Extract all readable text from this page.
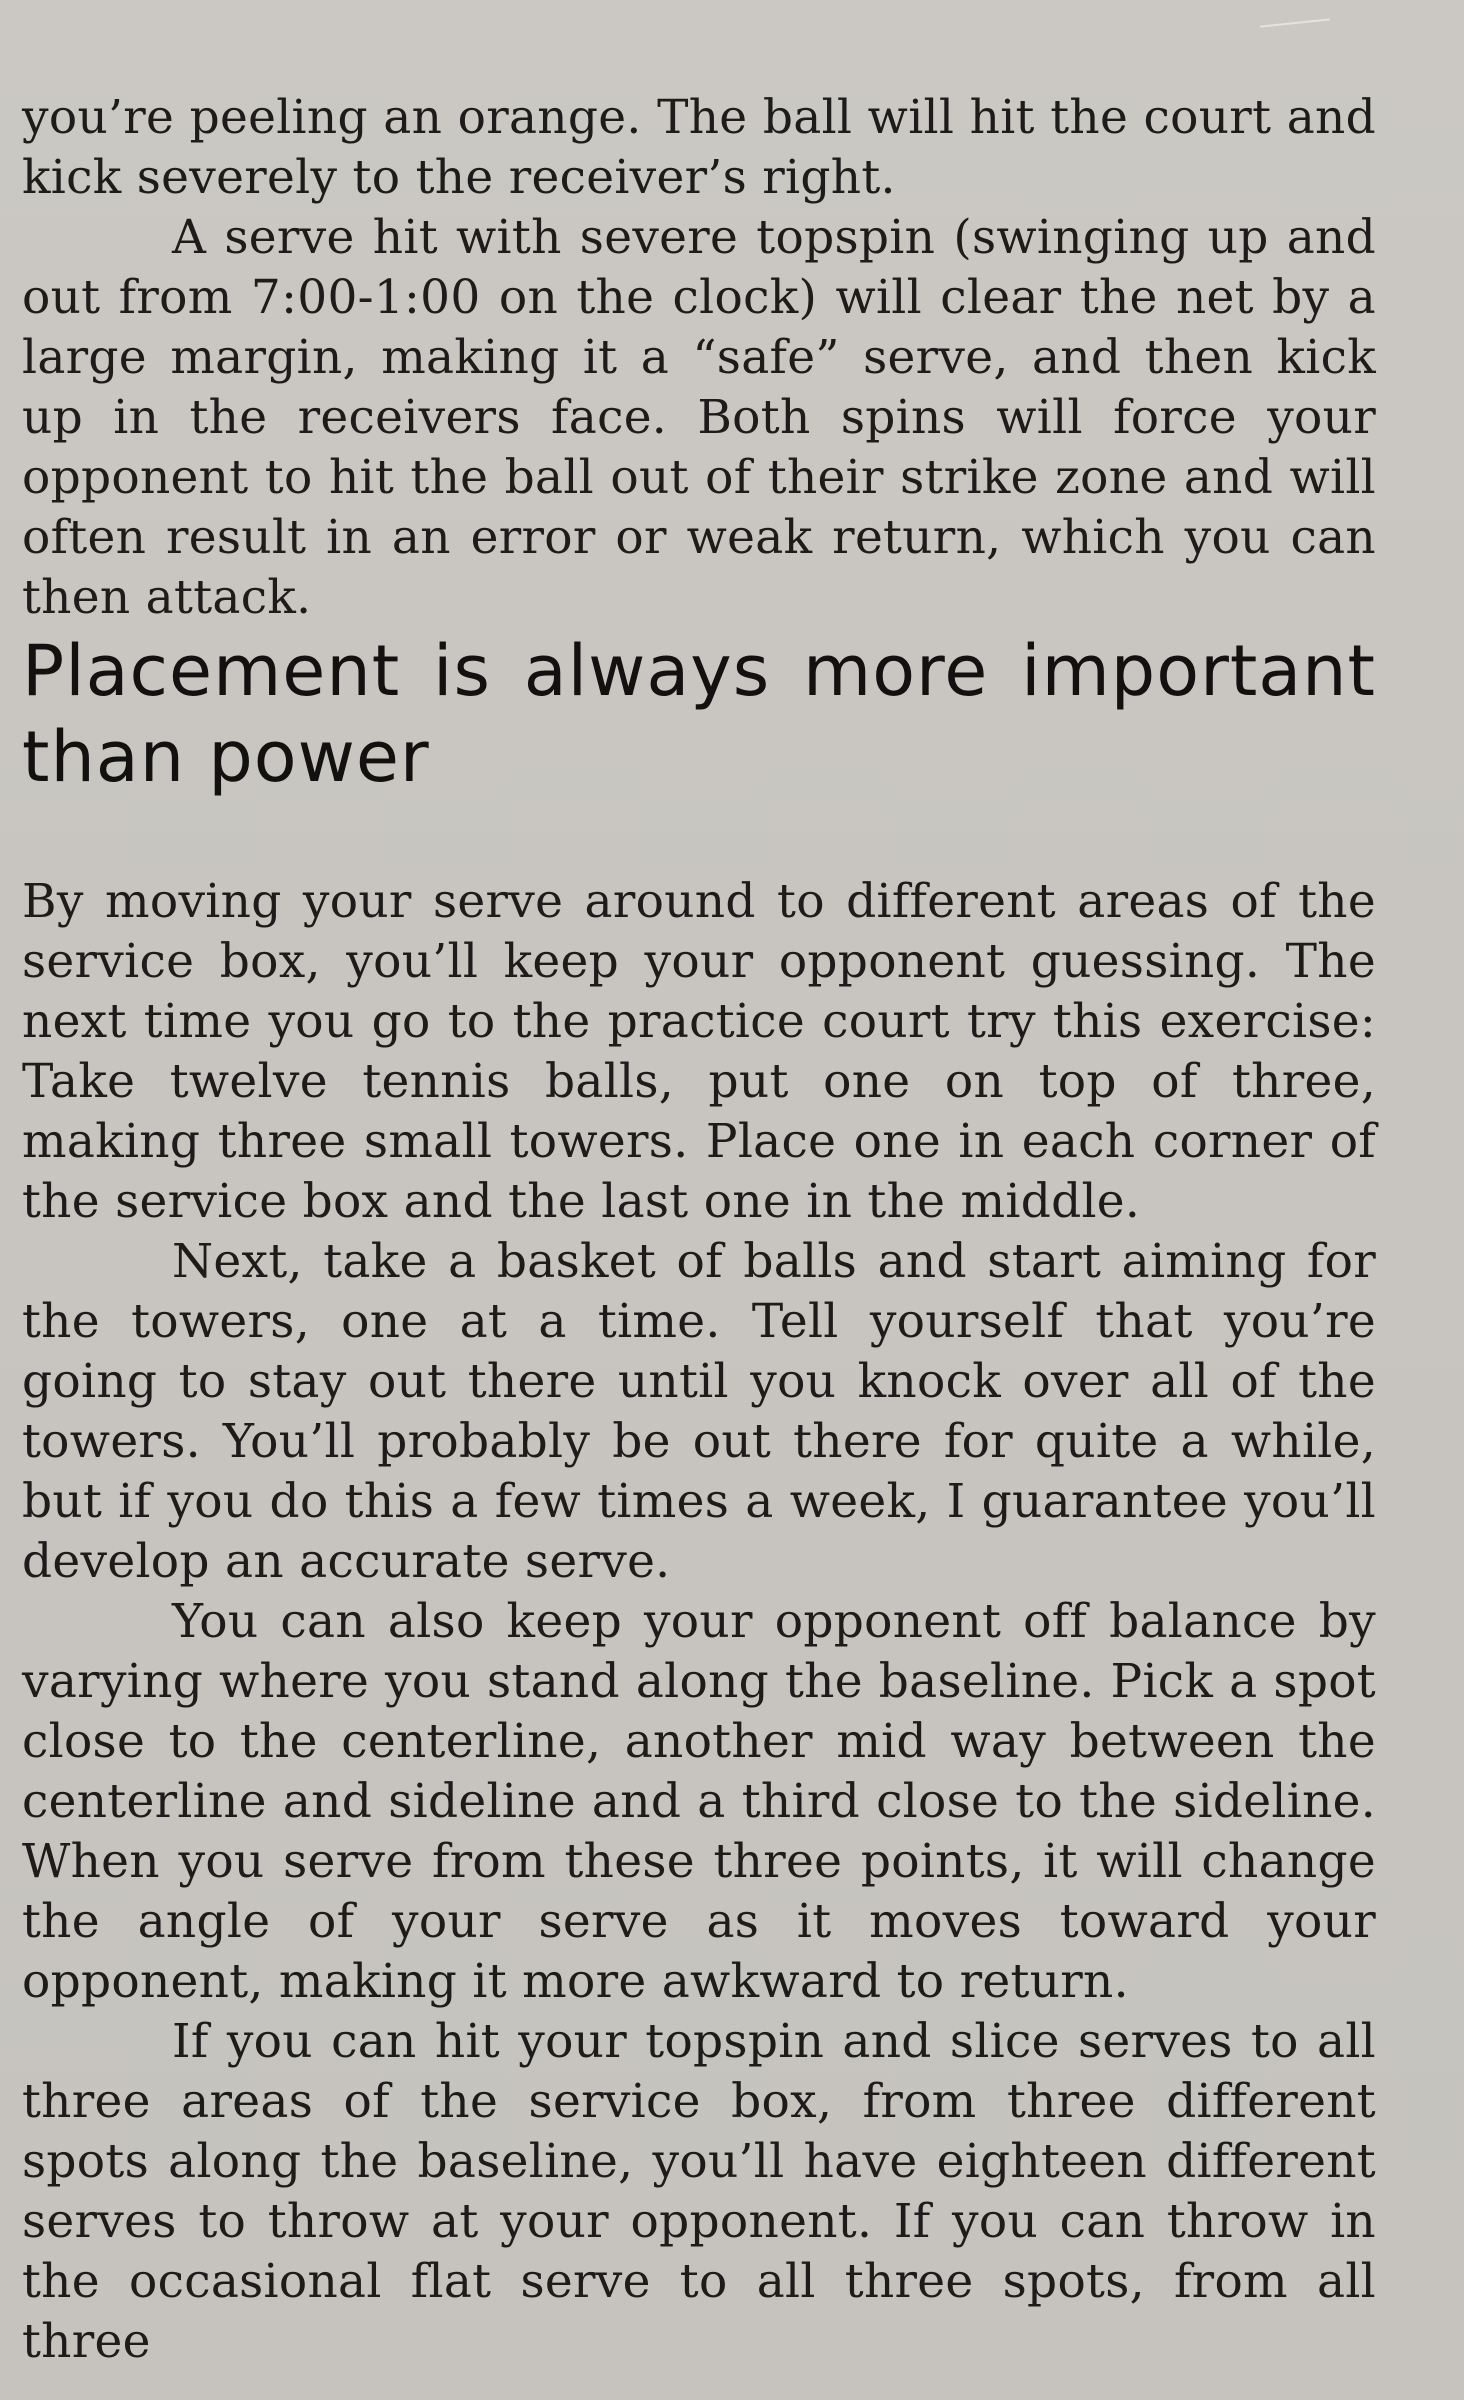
you’re peeling an orange. The ball will hit the court and kick severely to the receiver’s right.

A serve hit with severe topspin (swinging up and out from 7:00-1:00 on the clock) will clear the net by a large margin, making it a “safe” serve, and then kick up in the receivers face. Both spins will force your opponent to hit the ball out of their strike zone and will often result in an error or weak return, which you can then attack.

Placement is always more important than power

By moving your serve around to different areas of the service box, you’ll keep your opponent guessing. The next time you go to the practice court try this exercise: Take twelve tennis balls, put one on top of three, making three small towers. Place one in each corner of the service box and the last one in the middle.

Next, take a basket of balls and start aiming for the towers, one at a time. Tell yourself that you’re going to stay out there until you knock over all of the towers. You’ll probably be out there for quite a while, but if you do this a few times a week, I guarantee you’ll develop an accurate serve.

You can also keep your opponent off balance by varying where you stand along the baseline. Pick a spot close to the centerline, another mid way between the centerline and sideline and a third close to the sideline. When you serve from these three points, it will change the angle of your serve as it moves toward your opponent, making it more awkward to return.

If you can hit your topspin and slice serves to all three areas of the service box, from three different spots along the baseline, you’ll have eighteen different serves to throw at your opponent. If you can throw in the occasional flat serve to all three spots, from all three
